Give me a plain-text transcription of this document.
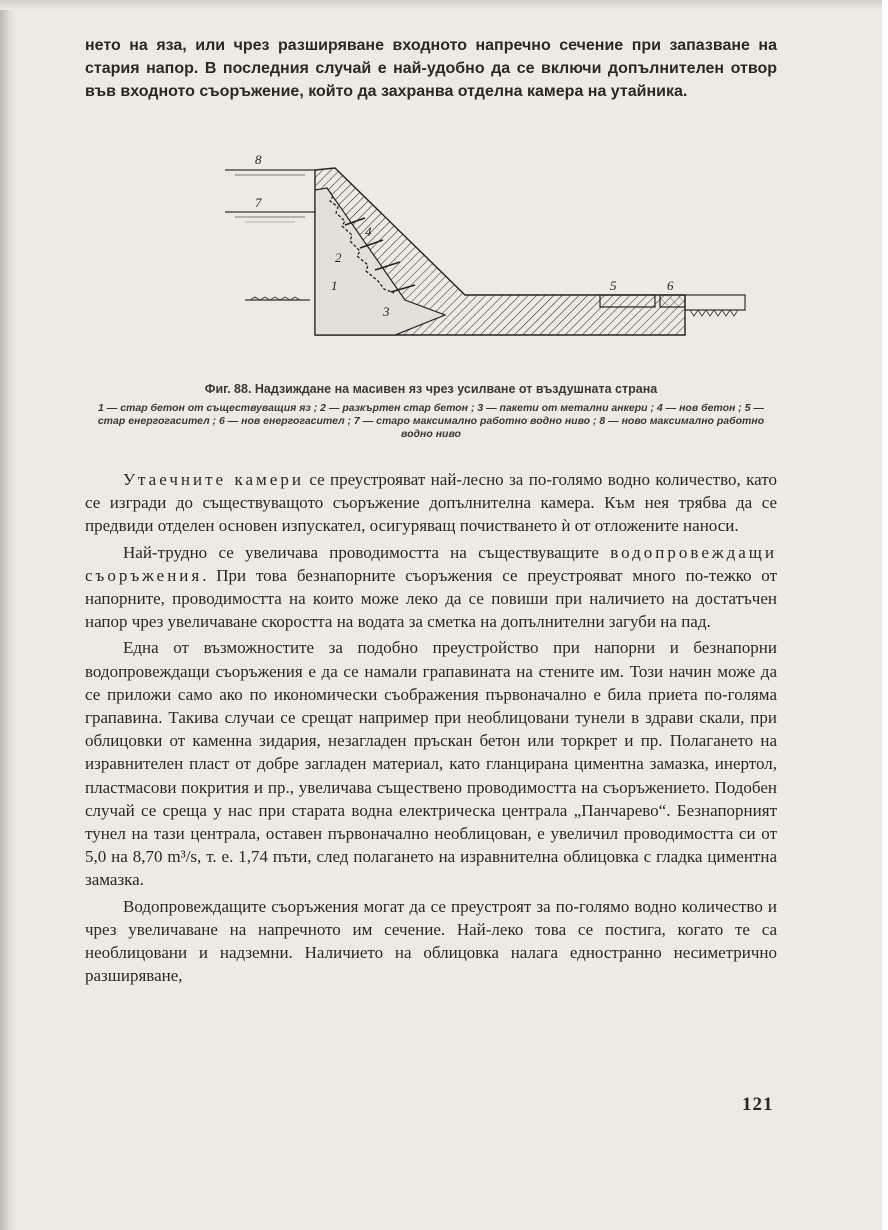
нето на яза, или чрез разширяване входното напречно сечение при запазване на стария напор. В последния случай е най-удобно да се включи допълнителен отвор във входното съоръжение, който да захранва отделна камера на утайника.

8
7
1
2
3
4
5	6
Фиг. 88. Надзиждане на масивен яз чрез усилване от въздушната страна
1 — стар бетон от съществуващия яз ; 2 — разкъртен стар бетон ; 3 — пакети от метални анкери ; 4 — нов бетон ; 5 — стар енергогасител ; 6 — нов енергогасител ; 7 — старо максимално работно водно ниво ; 8 — ново максимално работно водно ниво

Утаечните камери се преустрояват най-лесно за по-голямо водно количество, като се изгради до съществуващото съоръжение допълнителна камера. Към нея трябва да се предвиди отделен основен изпускател, осигуряващ почистването ѝ от отложените наноси.

Най-трудно се увеличава проводимостта на съществуващите водопровеждащи съоръжения. При това безнапорните съоръжения се преустрояват много по-тежко от напорните, проводимостта на които може леко да се повиши при наличието на достатъчен напор чрез увеличаване скоростта на водата за сметка на допълнителни загуби на пад.

Една от възможностите за подобно преустройство при напорни и безнапорни водопровеждащи съоръжения е да се намали грапавината на стените им. Този начин може да се приложи само ако по икономически съображения първоначално е била приета по-голяма грапавина. Такива случаи се срещат например при необлицовани тунели в здрави скали, при облицовки от каменна зидария, незагладен пръскан бетон или торкрет и пр. Полагането на изравнителен пласт от добре загладен материал, като гланцирана циментна замазка, инертол, пластмасови покрития и пр., увеличава съществено проводимостта на съоръжението. Подобен случай се среща у нас при старата водна електрическа централа „Панчарево“. Безнапорният тунел на тази централа, оставен първоначално необлицован, е увеличил проводимостта си от 5,0 на 8,70 m³/s, т. е. 1,74 пъти, след полагането на изравнителна облицовка с гладка циментна замазка.

Водопровеждащите съоръжения могат да се преустроят за по-голямо водно количество и чрез увеличаване на напречното им сечение. Най-леко това се постига, когато те са необлицовани и надземни. Наличието на облицовка налага едностранно несиметрично разширяване,

121
